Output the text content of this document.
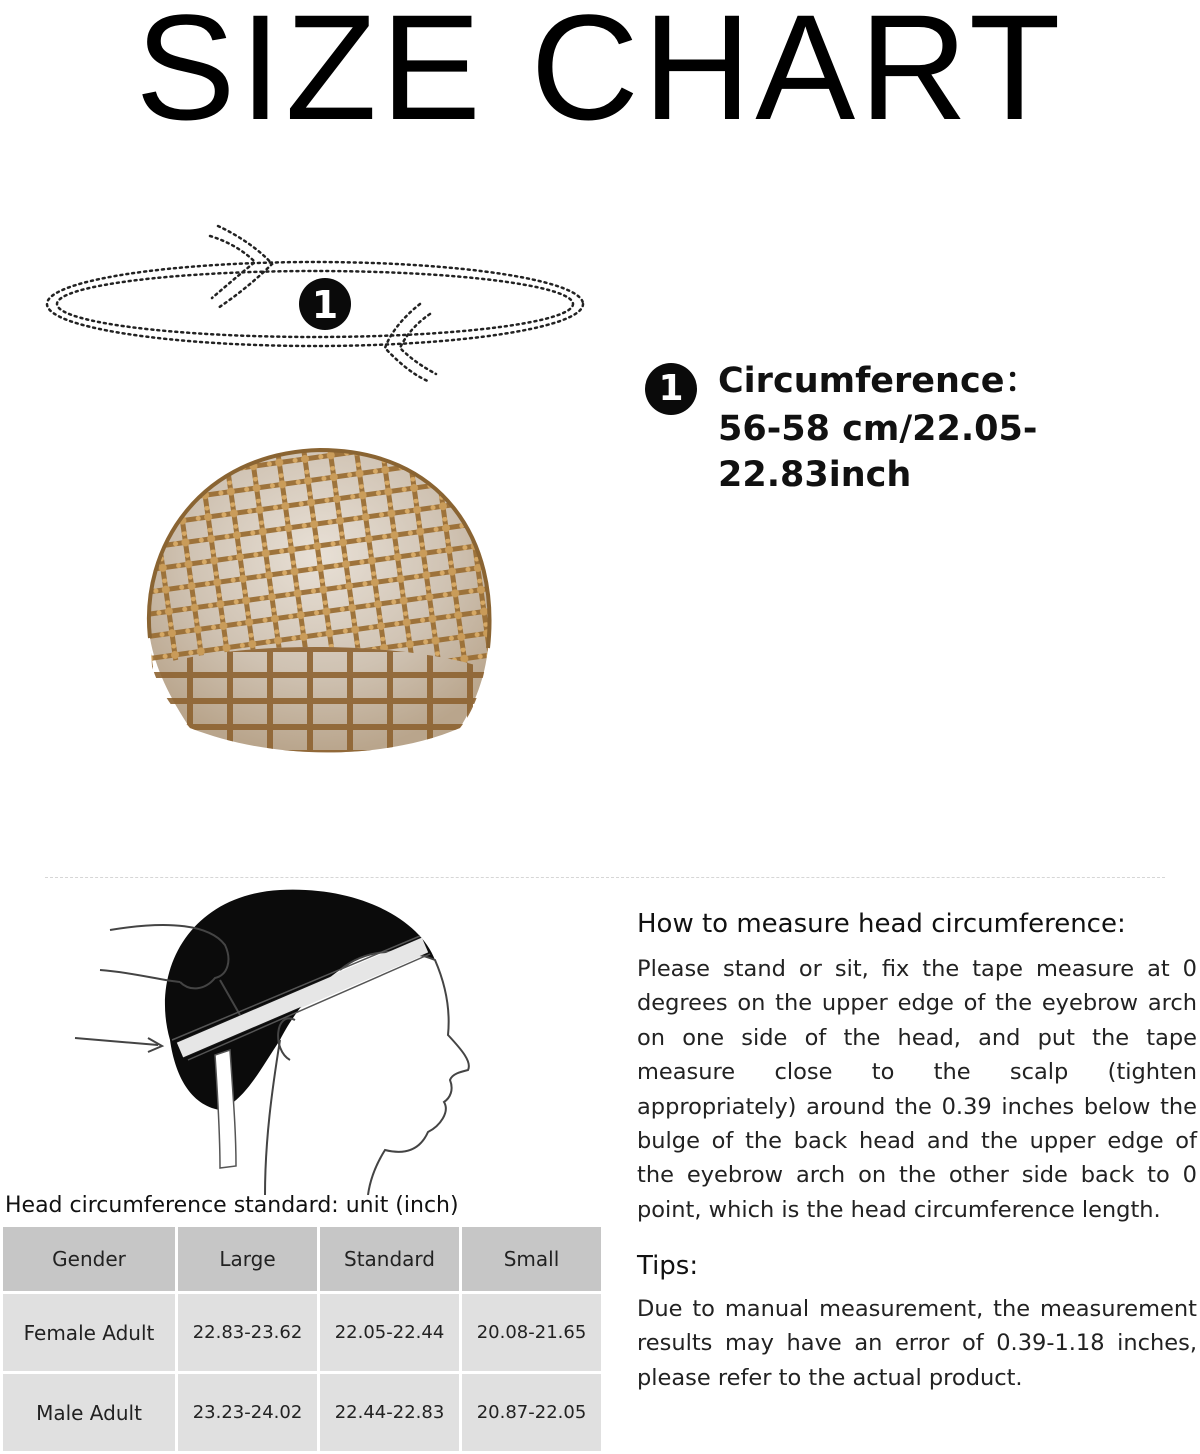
SIZE CHART
1
1 Circumference：
56-58 cm/22.05-22.83inch
How to measure head circumference:
Please stand or sit, fix the tape measure at 0 degrees on the upper edge of the eyebrow arch on one side of the head, and put the tape measure close to the scalp (tighten appropriately) around the 0.39 inches below the bulge of the back head and the upper edge of the eyebrow arch on the other side back to 0 point, which is the head circumference length.
Tips:
Due to manual measurement, the measurement results may have an error of 0.39-1.18 inches, please refer to the actual product.
Head circumference standard: unit (inch)
Gender	Large	Standard	Small
Female Adult	22.83-23.62	22.05-22.44	20.08-21.65
Male Adult	23.23-24.02	22.44-22.83	20.87-22.05
